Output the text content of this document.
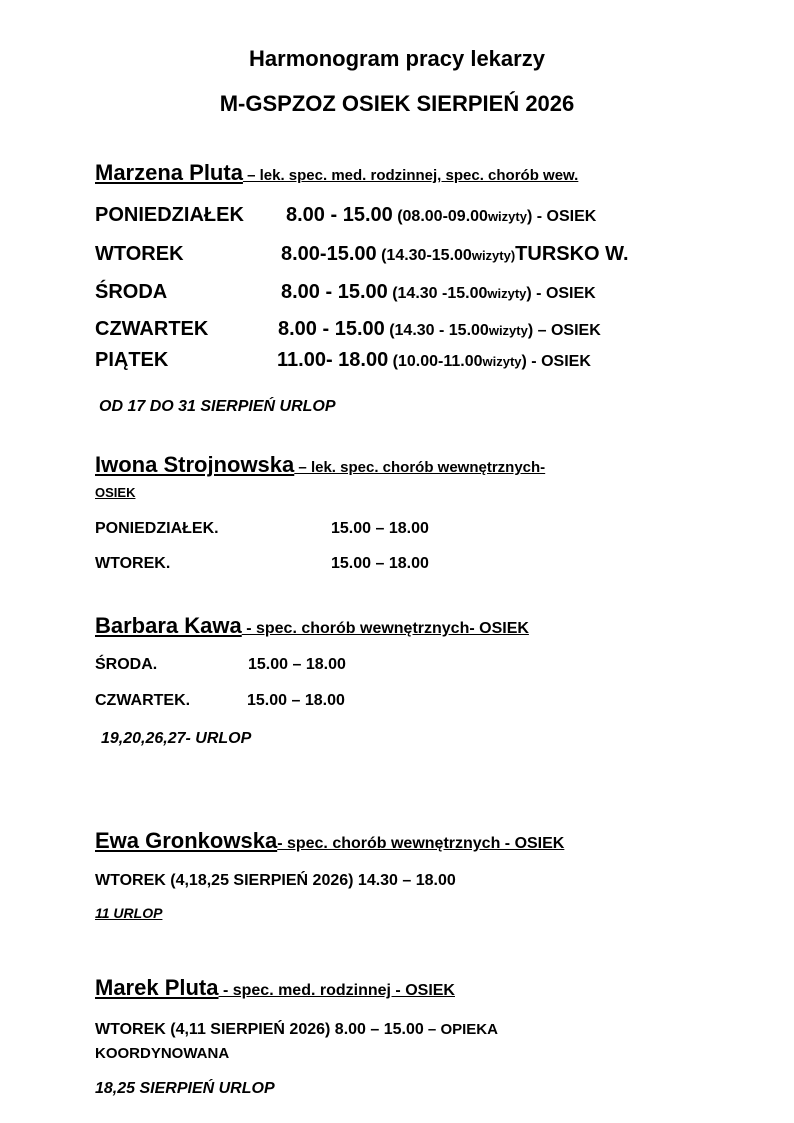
Harmonogram pracy lekarzy
M-GSPZOZ OSIEK SIERPIEŃ 2026
Marzena Pluta – lek. spec. med. rodzinnej, spec. chorób wew.
PONIEDZIAŁEK 8.00 - 15.00 (08.00-09.00wizyty) - OSIEK
WTOREK	8.00-15.00 (14.30-15.00wizyty)TURSKO W.
ŚRODA	8.00 - 15.00 (14.30 -15.00wizyty) - OSIEK
CZWARTEK	8.00 - 15.00 (14.30 - 15.00wizyty) – OSIEK
PIĄTEK	11.00- 18.00 (10.00-11.00wizyty) - OSIEK
OD 17 DO 31 SIERPIEŃ URLOP
Iwona Strojnowska – lek. spec. chorób wewnętrznych-
OSIEK
PONIEDZIAŁEK.	15.00 – 18.00
WTOREK.	15.00 – 18.00
Barbara Kawa - spec. chorób wewnętrznych- OSIEK
ŚRODA.	15.00 – 18.00
CZWARTEK.	15.00 – 18.00
19,20,26,27- URLOP
Ewa Gronkowska- spec. chorób wewnętrznych - OSIEK
WTOREK (4,18,25 SIERPIEŃ 2026) 14.30 – 18.00
11 URLOP
Marek Pluta - spec. med. rodzinnej - OSIEK
WTOREK (4,11 SIERPIEŃ 2026) 8.00 – 15.00 – OPIEKA
KOORDYNOWANA
18,25 SIERPIEŃ URLOP
